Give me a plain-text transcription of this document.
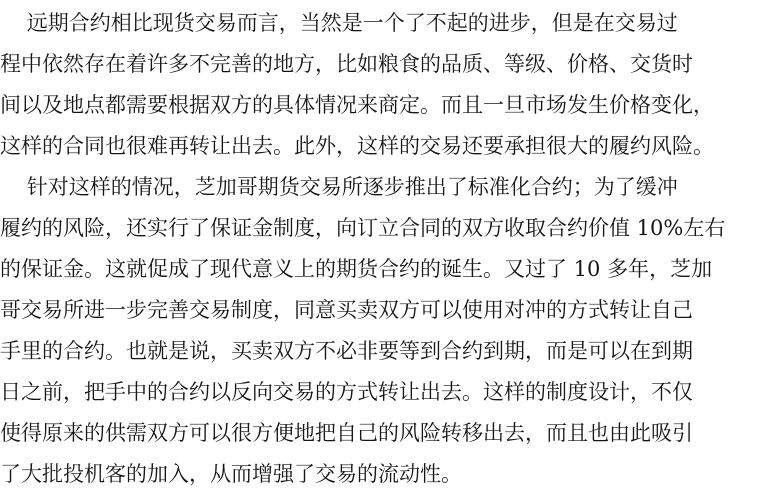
远期合约相比现货交易而言，当然是一个了不起的进步，但是在交易过
程中依然存在着许多不完善的地方，比如粮食的品质、等级、价格、交货时
间以及地点都需要根据双方的具体情况来商定。而且一旦市场发生价格变化，
这样的合同也很难再转让出去。此外，这样的交易还要承担很大的履约风险。
针对这样的情况，芝加哥期货交易所逐步推出了标准化合约；为了缓冲
履约的风险，还实行了保证金制度，向订立合同的双方收取合约价值 10%左右
的保证金。这就促成了现代意义上的期货合约的诞生。又过了 10 多年，芝加
哥交易所进一步完善交易制度，同意买卖双方可以使用对冲的方式转让自己
手里的合约。也就是说，买卖双方不必非要等到合约到期，而是可以在到期
日之前，把手中的合约以反向交易的方式转让出去。这样的制度设计，不仅
使得原来的供需双方可以很方便地把自己的风险转移出去，而且也由此吸引
了大批投机客的加入，从而增强了交易的流动性。
